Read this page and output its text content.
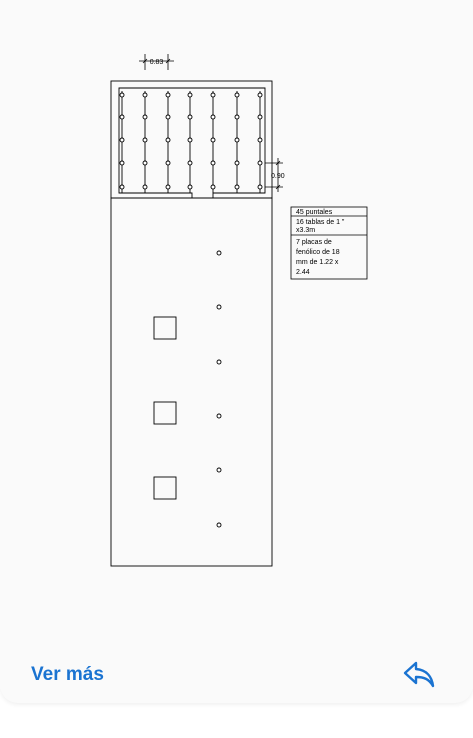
0.83
0.90
45 puntales
16 tablas de 1 "
x3.3m
7 placas de
fenólico de 18
mm de 1.22 x
2.44
Ver más
